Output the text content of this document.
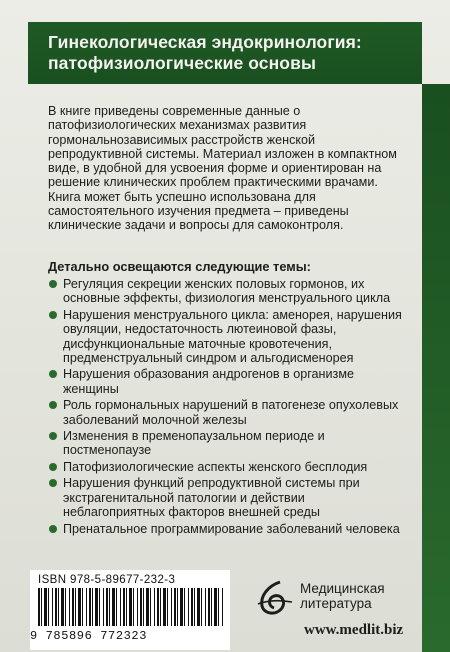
Гинекологическая эндокринология:
патофизиологические основы
В книге приведены современные данные о
патофизиологических механизмах развития
гормональнозависимых расстройств женской
репродуктивной системы. Материал изложен в компактном
виде, в удобной для усвоения форме и ориентирован на
решение клинических проблем практическими врачами.
Книга может быть успешно использована для
самостоятельного изучения предмета – приведены
клинические задачи и вопросы для самоконтроля.
Детально освещаются следующие темы:
Регуляция секреции женских половых гормонов, их
основные эффекты, физиология менструального цикла
Нарушения менструального цикла: аменорея, нарушения
овуляции, недостаточность лютеиновой фазы,
дисфункциональные маточные кровотечения,
предменструальный синдром и альгодисменорея
Нарушения образования андрогенов в организме
женщины
Роль гормональных нарушений в патогенезе опухолевых
заболеваний молочной железы
Изменения в пременопаузальном периоде и
постменопаузе
Патофизиологические аспекты женского бесплодия
Нарушения функций репродуктивной системы при
экстрагенитальной патологии и действии
неблагоприятных факторов внешней среды
Пренатальное программирование заболеваний человека
ISBN 978-5-89677-232-3
9 785896 772323
Медицинская
литература
www.medlit.biz
